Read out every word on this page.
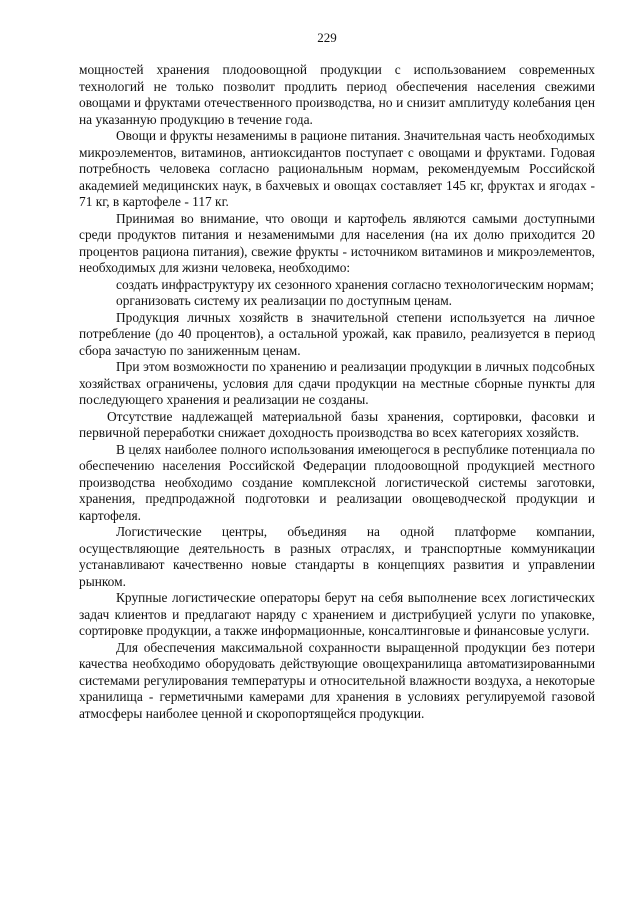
229

мощностей хранения плодоовощной продукции с использованием современных технологий не только позволит продлить период обеспечения населения свежими овощами и фруктами отечественного производства, но и снизит амплитуду колебания цен на указанную продукцию в течение года.

Овощи и фрукты незаменимы в рационе питания. Значительная часть необходимых микроэлементов, витаминов, антиоксидантов поступает с овощами и фруктами. Годовая потребность человека согласно рациональным нормам, рекомендуемым Российской академией медицинских наук, в бахчевых и овощах составляет 145 кг, фруктах и ягодах - 71 кг, в картофеле - 117 кг.

Принимая во внимание, что овощи и картофель являются самыми доступными среди продуктов питания и незаменимыми для населения (на их долю приходится 20 процентов рациона питания), свежие фрукты - источником витаминов и микроэлементов, необходимых для жизни человека, необходимо:

создать инфраструктуру их сезонного хранения согласно технологическим нормам;

организовать систему их реализации по доступным ценам.

Продукция личных хозяйств в значительной степени используется на личное потребление (до 40 процентов), а остальной урожай, как правило, реализуется в период сбора зачастую по заниженным ценам.

При этом возможности по хранению и реализации продукции в личных подсобных хозяйствах ограничены, условия для сдачи продукции на местные сборные пункты для последующего хранения и реализации не созданы.

Отсутствие надлежащей материальной базы хранения, сортировки, фасовки и первичной переработки снижает доходность производства во всех категориях хозяйств.

В целях наиболее полного использования имеющегося в республике потенциала по обеспечению населения Российской Федерации плодоовощной продукцией местного производства необходимо создание комплексной логистической системы заготовки, хранения, предпродажной подготовки и реализации овощеводческой продукции и картофеля.

Логистические центры, объединяя на одной платформе компании, осуществляющие деятельность в разных отраслях, и транспортные коммуникации устанавливают качественно новые стандарты в концепциях развития и управлении рынком.

Крупные логистические операторы берут на себя выполнение всех логистических задач клиентов и предлагают наряду с хранением и дистрибуцией услуги по упаковке, сортировке продукции, а также информационные, консалтинговые и финансовые услуги.

Для обеспечения максимальной сохранности выращенной продукции без потери качества необходимо оборудовать действующие овощехранилища автоматизированными системами регулирования температуры и относительной влажности воздуха, а некоторые хранилища - герметичными камерами для хранения в условиях регулируемой газовой атмосферы наиболее ценной и скоропортящейся продукции.
